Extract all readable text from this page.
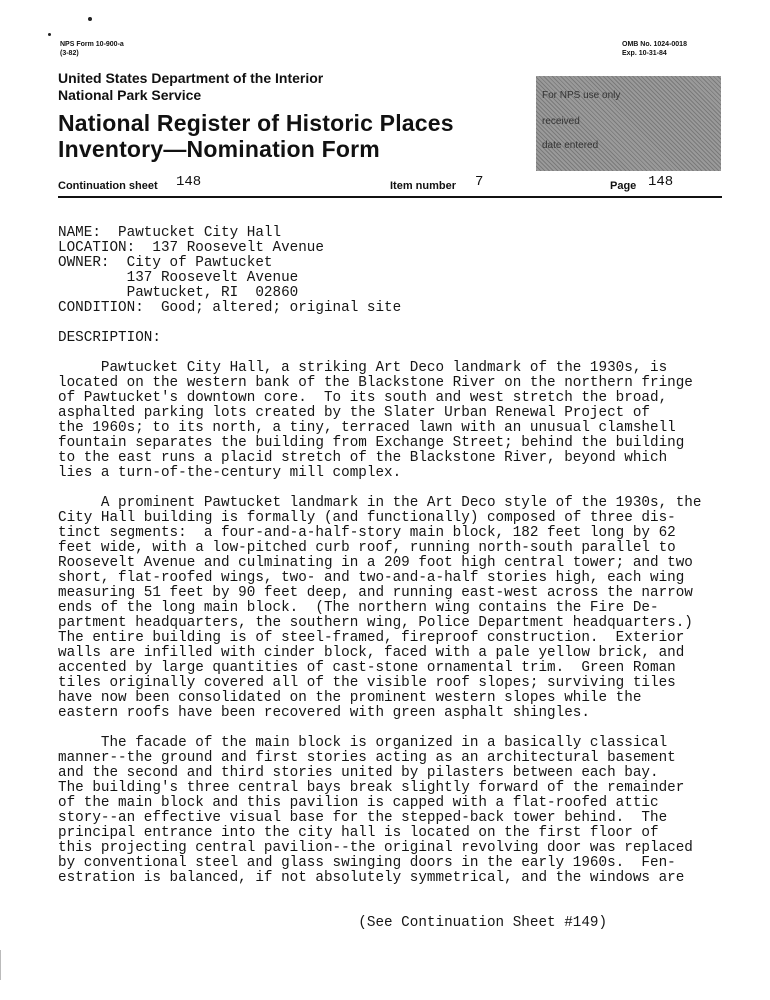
NPS Form 10-900-a
(3-82)
OMB No. 1024-0018
Exp. 10-31-84
United States Department of the Interior
National Park Service
National Register of Historic Places
Inventory—Nomination Form
For NPS use only
received
date entered
Continuation sheet 148	Item number 7	Page 148
NAME:  Pawtucket City Hall
LOCATION:  137 Roosevelt Avenue
OWNER:  City of Pawtucket
137 Roosevelt Avenue
Pawtucket, RI  02860
CONDITION:  Good; altered; original site
DESCRIPTION:
Pawtucket City Hall, a striking Art Deco landmark of the 1930s, is
located on the western bank of the Blackstone River on the northern fringe
of Pawtucket's downtown core.  To its south and west stretch the broad,
asphalted parking lots created by the Slater Urban Renewal Project of
the 1960s; to its north, a tiny, terraced lawn with an unusual clamshell
fountain separates the building from Exchange Street; behind the building
to the east runs a placid stretch of the Blackstone River, beyond which
lies a turn-of-the-century mill complex.
A prominent Pawtucket landmark in the Art Deco style of the 1930s, the
City Hall building is formally (and functionally) composed of three dis-
tinct segments:  a four-and-a-half-story main block, 182 feet long by 62
feet wide, with a low-pitched curb roof, running north-south parallel to
Roosevelt Avenue and culminating in a 209 foot high central tower; and two
short, flat-roofed wings, two- and two-and-a-half stories high, each wing
measuring 51 feet by 90 feet deep, and running east-west across the narrow
ends of the long main block.  (The northern wing contains the Fire De-
partment headquarters, the southern wing, Police Department headquarters.)
The entire building is of steel-framed, fireproof construction.  Exterior
walls are infilled with cinder block, faced with a pale yellow brick, and
accented by large quantities of cast-stone ornamental trim.  Green Roman
tiles originally covered all of the visible roof slopes; surviving tiles
have now been consolidated on the prominent western slopes while the
eastern roofs have been recovered with green asphalt shingles.
The facade of the main block is organized in a basically classical
manner--the ground and first stories acting as an architectural basement
and the second and third stories united by pilasters between each bay.
The building's three central bays break slightly forward of the remainder
of the main block and this pavilion is capped with a flat-roofed attic
story--an effective visual base for the stepped-back tower behind.  The
principal entrance into the city hall is located on the first floor of
this projecting central pavilion--the original revolving door was replaced
by conventional steel and glass swinging doors in the early 1960s.  Fen-
estration is balanced, if not absolutely symmetrical, and the windows are
(See Continuation Sheet #149)
